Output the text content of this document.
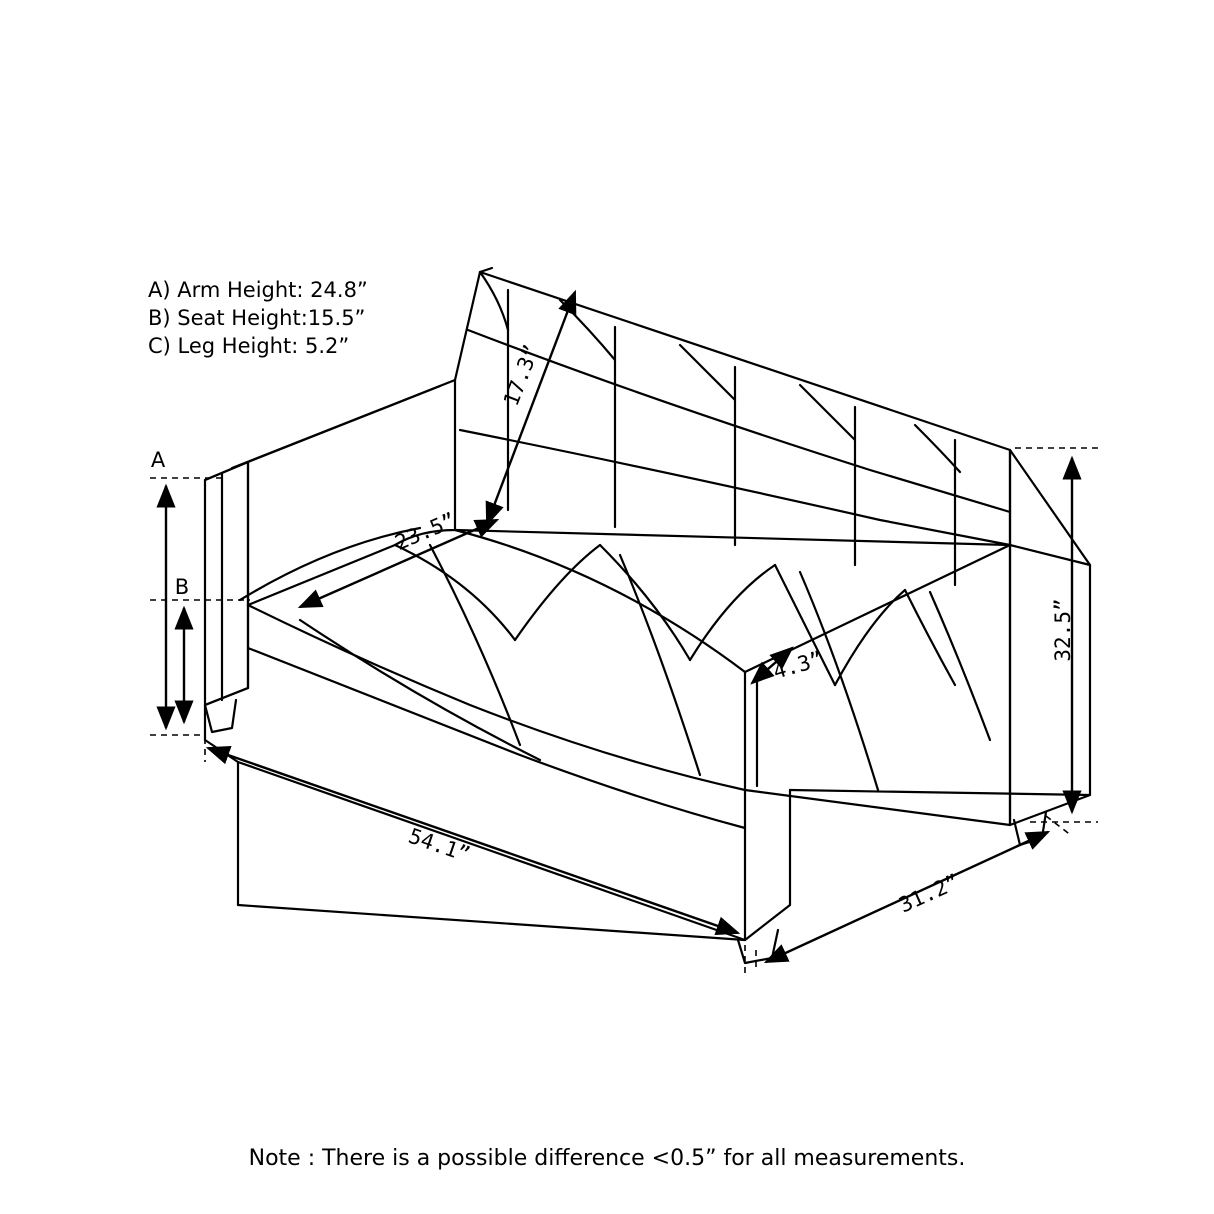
A) Arm Height: 24.8”
B) Seat Height:15.5”
C) Leg Height: 5.2”
A
B
17.3”
23.5”
4.3”
32.5”
54.1”
31.2”
Note : There is a possible difference <0.5” for all measurements.
